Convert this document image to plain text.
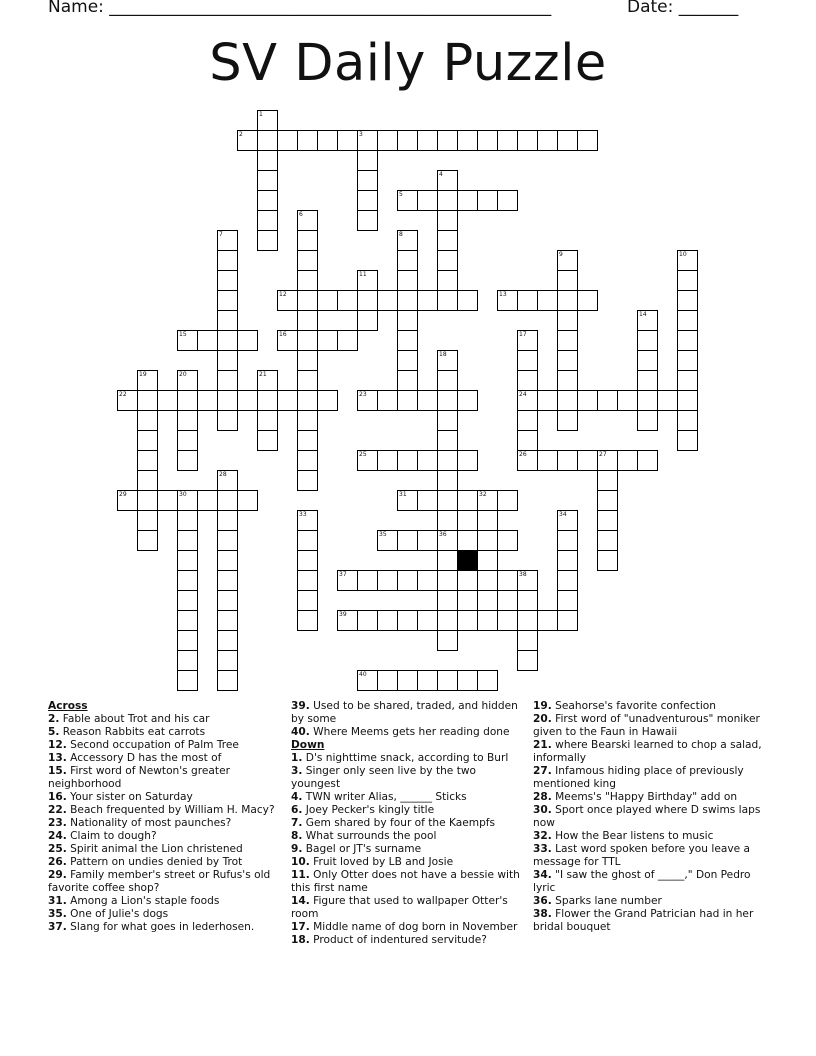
Name: ____________________________________________________	Date: _______
SV Daily Puzzle
1
2	3
4
5
6
7	8
9	10
11
12	13
14
15	16	17
24
18
36
19	20	21
22	23
25	26	27
28
29	30	31	32
33	34
35
37	38
39
40
Across

2. Fable about Trot and his car

5. Reason Rabbits eat carrots

12. Second occupation of Palm Tree

13. Accessory D has the most of

15. First word of Newton's greater neighborhood

16. Your sister on Saturday

22. Beach frequented by William H. Macy?

23. Nationality of most paunches?

24. Claim to dough?

25. Spirit animal the Lion christened

26. Pattern on undies denied by Trot

29. Family member's street or Rufus's old favorite coffee shop?

31. Among a Lion's staple foods

35. One of Julie's dogs

37. Slang for what goes in lederhosen.

39. Used to be shared, traded, and hidden by some

40. Where Meems gets her reading done

Down

1. D's nighttime snack, according to Burl

3. Singer only seen live by the two youngest

4. TWN writer Alias, ______ Sticks

6. Joey Pecker's kingly title

7. Gem shared by four of the Kaempfs

8. What surrounds the pool

9. Bagel or JT's surname

10. Fruit loved by LB and Josie

11. Only Otter does not have a bessie with this first name

14. Figure that used to wallpaper Otter's room

17. Middle name of dog born in November

18. Product of indentured servitude?

19. Seahorse's favorite confection

20. First word of "unadventurous" moniker given to the Faun in Hawaii

21. where Bearski learned to chop a salad, informally

27. Infamous hiding place of previously mentioned king

28. Meems's "Happy Birthday" add on

30. Sport once played where D swims laps now

32. How the Bear listens to music

33. Last word spoken before you leave a message for TTL

34. "I saw the ghost of _____," Don Pedro lyric

36. Sparks lane number

38. Flower the Grand Patrician had in her bridal bouquet
